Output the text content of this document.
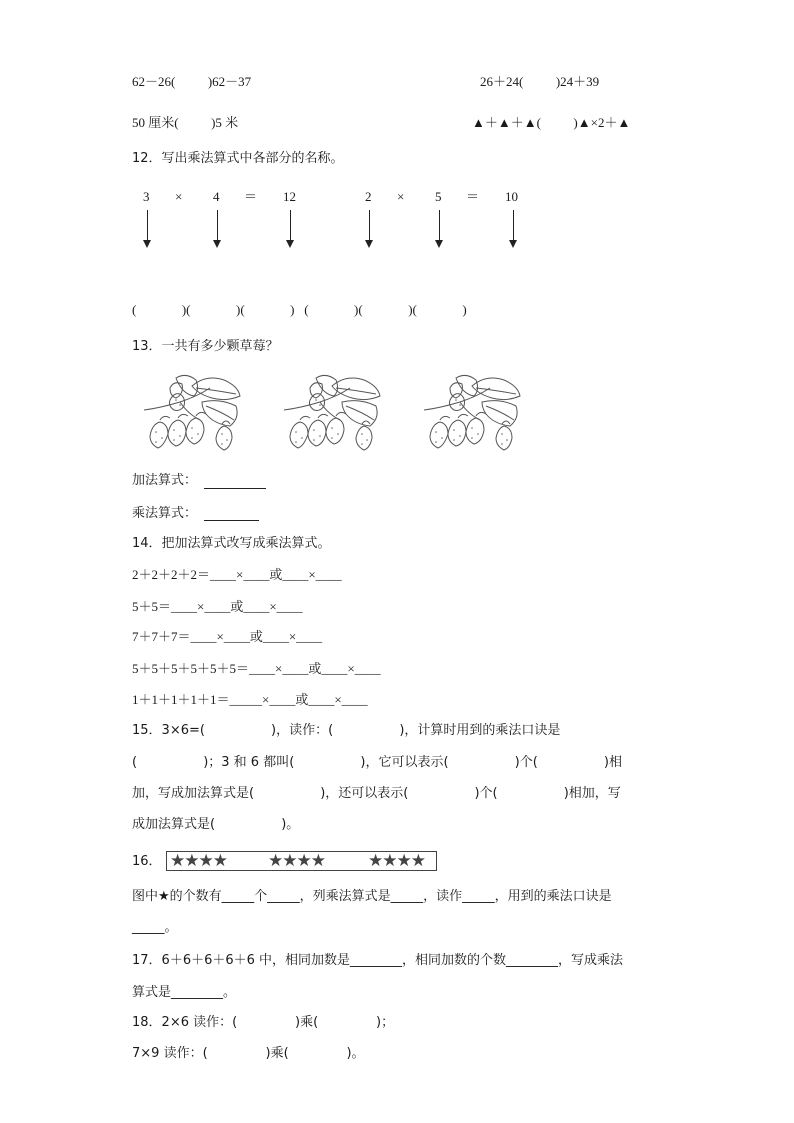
62－26(          )62－37	26＋24(          )24＋39
50 厘米(          )5 米	▲＋▲＋▲(          )▲×2＋▲
12．写出乘法算式中各部分的名称。
3 × 4 ＝ 12	2 × 5 ＝ 10
(              )(              )(              )   (              )(              )(              )
13．一共有多少颗草莓？
加法算式：
乘法算式：
14．把加法算式改写成乘法算式。
2＋2＋2＋2＝____×____或____×____
5＋5＝____×____或____×____
7＋7＋7＝____×____或____×____
5＋5＋5＋5＋5＋5＝____×____或____×____
1＋1＋1＋1＋1＝_____×____或____×____
15．3×6=(                )，读作：(                )，计算时用到的乘法口诀是
(                )；3 和 6 都叫(                )，它可以表示(                )个(                )相
加，写成加法算式是(                )，还可以表示(                )个(                )相加，写
成加法算式是(                )。
16． ★★★★ ★★★★	★★★★
图中★的个数有_____个_____，列乘法算式是_____，读作_____，用到的乘法口诀是
_____。
17．6＋6＋6＋6＋6 中，相同加数是________，相同加数的个数________，写成乘法
算式是________。
18．2×6 读作：(              )乘(              )；
7×9 读作：(              )乘(              )。
